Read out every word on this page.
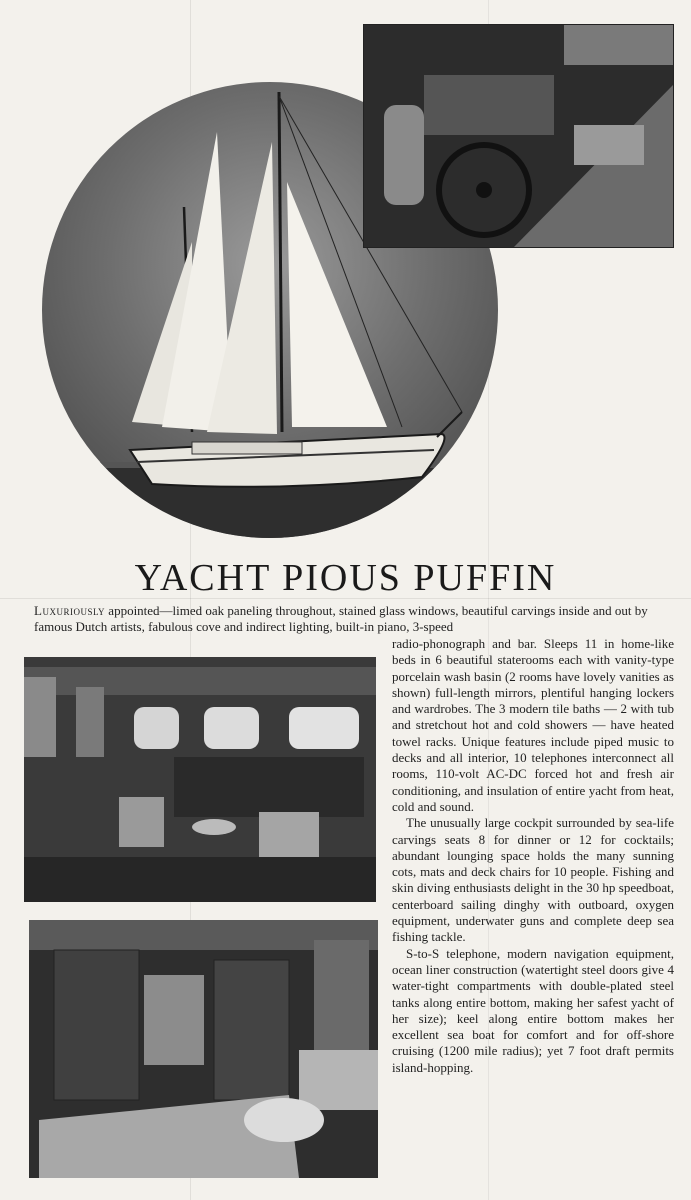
YACHT PIOUS PUFFIN

Luxuriously appointed—limed oak paneling throughout, stained glass windows, beautiful carvings inside and out by famous Dutch artists, fabulous cove and indirect lighting, built-in piano, 3-speed

radio-phonograph and bar. Sleeps 11 in home-like beds in 6 beautiful staterooms each with vanity-type porcelain wash basin (2 rooms have lovely vanities as shown) full-length mirrors, plentiful hanging lockers and wardrobes. The 3 modern tile baths — 2 with tub and stretchout hot and cold showers — have heated towel racks. Unique features include piped music to decks and all interior, 10 telephones interconnect all rooms, 110-volt AC-DC forced hot and fresh air conditioning, and insulation of entire yacht from heat, cold and sound.

The unusually large cockpit surrounded by sea-life carvings seats 8 for dinner or 12 for cocktails; abundant lounging space holds the many sunning cots, mats and deck chairs for 10 people. Fishing and skin diving enthusiasts delight in the 30 hp speedboat, centerboard sailing dinghy with outboard, oxygen equipment, underwater guns and complete deep sea fishing tackle.

S-to-S telephone, modern navigation equipment, ocean liner construction (watertight steel doors give 4 water-tight compartments with double-plated steel tanks along entire bottom, making her safest yacht of her size); keel along entire bottom makes her excellent sea boat for comfort and for off-shore cruising (1200 mile radius); yet 7 foot draft permits island-hopping.
